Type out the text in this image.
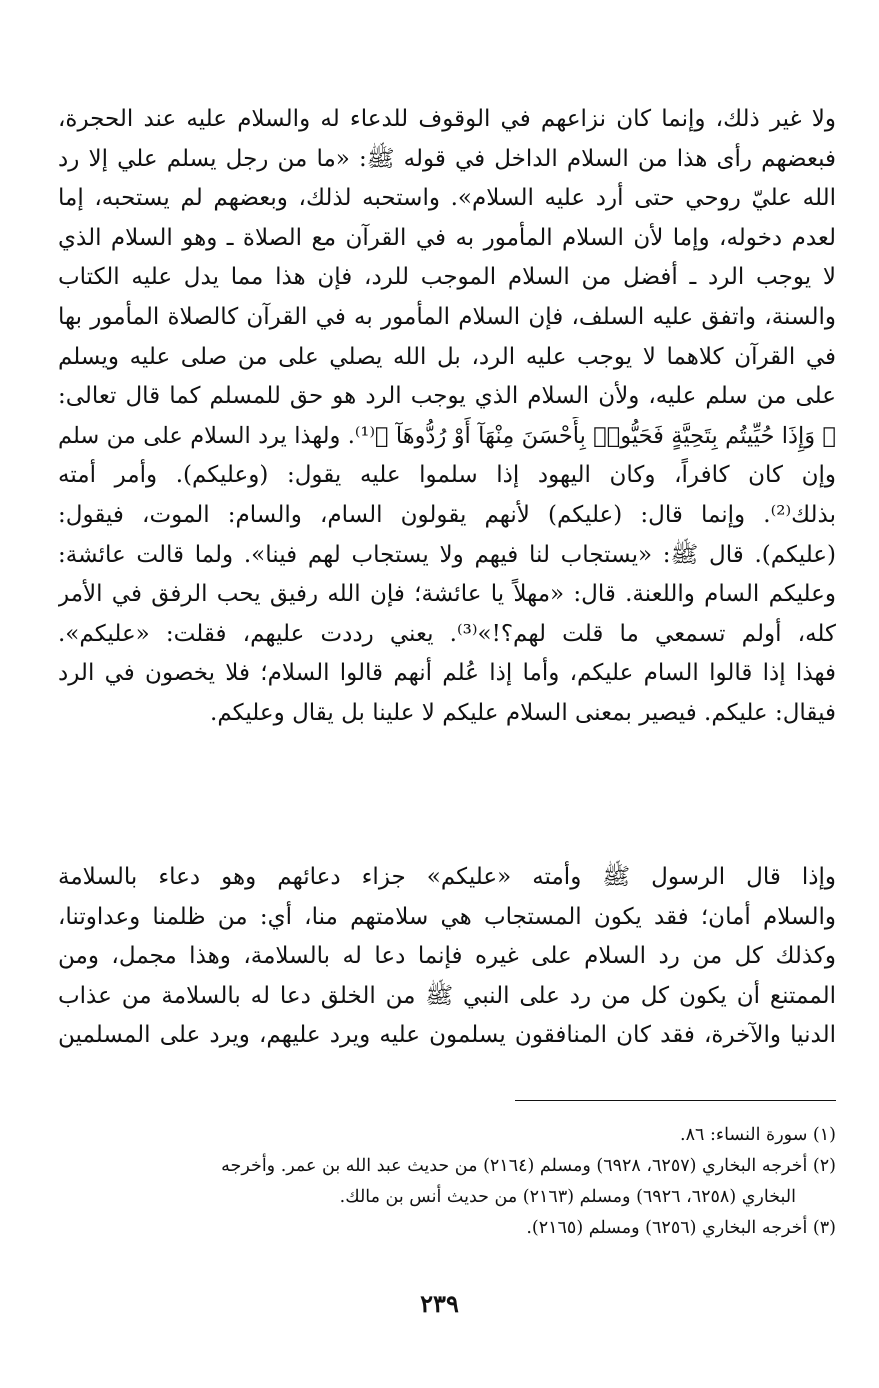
ولا غير ذلك، وإنما كان نزاعهم في الوقوف للدعاء له والسلام عليه عند الحجرة،
فبعضهم رأى هذا من السلام الداخل في قوله ﷺ: «ما من رجل يسلم علي إلا رد
الله عليّ روحي حتى أرد عليه السلام». واستحبه لذلك، وبعضهم لم يستحبه، إما
لعدم دخوله، وإما لأن السلام المأمور به في القرآن مع الصلاة ـ وهو السلام الذي
لا يوجب الرد ـ أفضل من السلام الموجب للرد، فإن هذا مما يدل عليه الكتاب
والسنة، واتفق عليه السلف، فإن السلام المأمور به في القرآن كالصلاة المأمور بها
في القرآن كلاهما لا يوجب عليه الرد، بل الله يصلي على من صلى عليه ويسلم
على من سلم عليه، ولأن السلام الذي يوجب الرد هو حق للمسلم كما قال تعالى:
﴿ وَإِذَا حُيِّيتُم بِتَحِيَّةٍ فَحَيُّوا۟ بِأَحْسَنَ مِنْهَآ أَوْ رُدُّوهَآ ﴾⁽¹⁾. ولهذا يرد السلام على من سلم
وإن كان كافراً، وكان اليهود إذا سلموا عليه يقول: (وعليكم). وأمر أمته
بذلك⁽²⁾. وإنما قال: (عليكم) لأنهم يقولون السام، والسام: الموت، فيقول:
(عليكم). قال ﷺ: «يستجاب لنا فيهم ولا يستجاب لهم فينا». ولما قالت عائشة:
وعليكم السام واللعنة. قال: «مهلاً يا عائشة؛ فإن الله رفيق يحب الرفق في الأمر
كله، أولم تسمعي ما قلت لهم؟!»⁽³⁾. يعني رددت عليهم، فقلت: «عليكم».
فهذا إذا قالوا السام عليكم، وأما إذا عُلم أنهم قالوا السلام؛ فلا يخصون في الرد
فيقال: عليكم. فيصير بمعنى السلام عليكم لا علينا بل يقال وعليكم.
وإذا قال الرسول ﷺ وأمته «عليكم» جزاء دعائهم وهو دعاء بالسلامة
والسلام أمان؛ فقد يكون المستجاب هي سلامتهم منا، أي: من ظلمنا وعداوتنا،
وكذلك كل من رد السلام على غيره فإنما دعا له بالسلامة، وهذا مجمل، ومن
الممتنع أن يكون كل من رد على النبي ﷺ من الخلق دعا له بالسلامة من عذاب
الدنيا والآخرة، فقد كان المنافقون يسلمون عليه ويرد عليهم، ويرد على المسلمين
(١) سورة النساء: ٨٦.
(٢) أخرجه البخاري (٦٢٥٧، ٦٩٢٨) ومسلم (٢١٦٤) من حديث عبد الله بن عمر. وأخرجه
البخاري (٦٢٥٨، ٦٩٢٦) ومسلم (٢١٦٣) من حديث أنس بن مالك.
(٣) أخرجه البخاري (٦٢٥٦) ومسلم (٢١٦٥).
٢٣٩
